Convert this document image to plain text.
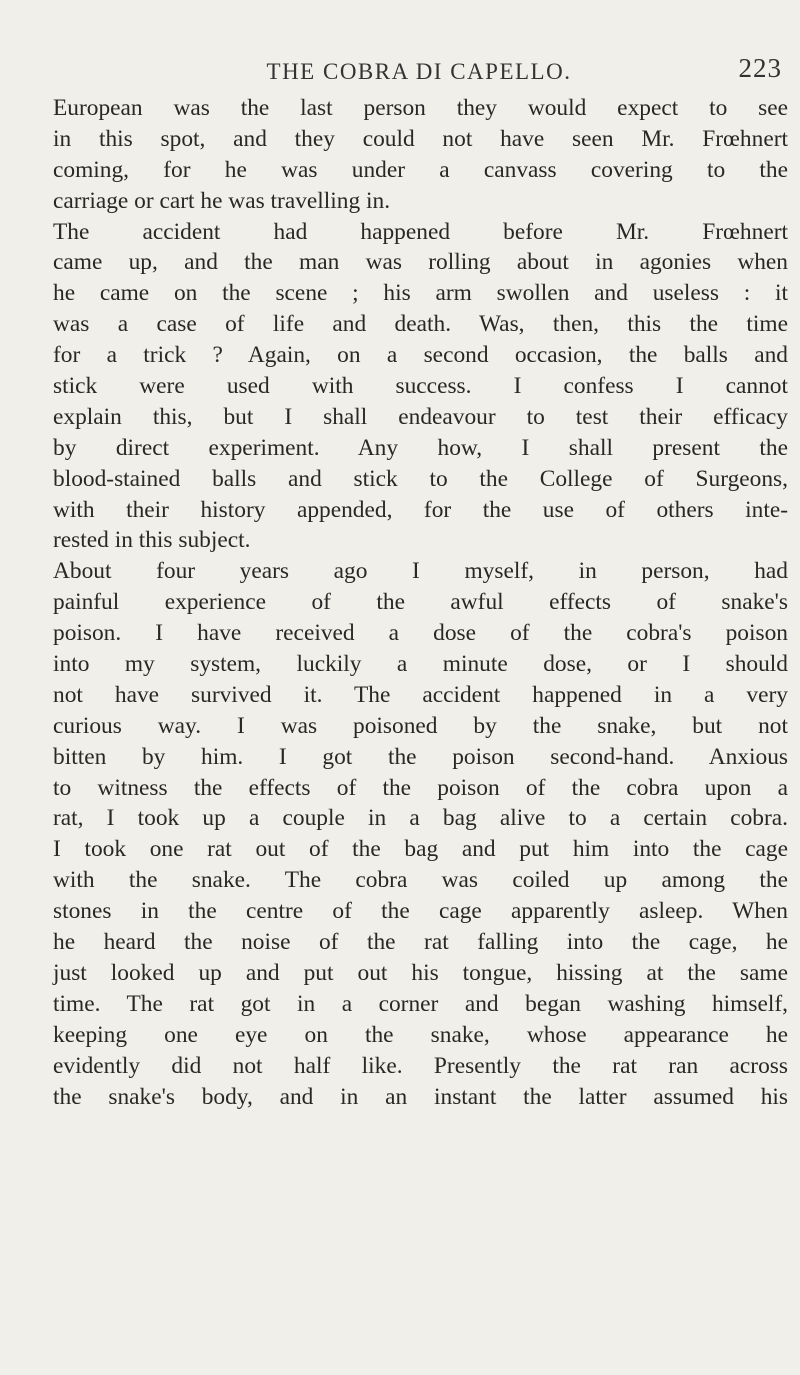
THE COBRA DI CAPELLO.	223
European was the last person they would expect to see
in this spot, and they could not have seen Mr. Frœhnert
coming, for he was under a canvass covering to the
carriage or cart he was travelling in.
The accident had happened before Mr. Frœhnert
came up, and the man was rolling about in agonies when
he came on the scene ; his arm swollen and useless : it
was a case of life and death. Was, then, this the time
for a trick ? Again, on a second occasion, the balls and
stick were used with success. I confess I cannot
explain this, but I shall endeavour to test their efficacy
by direct experiment. Any how, I shall present the
blood-stained balls and stick to the College of Surgeons,
with their history appended, for the use of others inte-
rested in this subject.
About four years ago I myself, in person, had
painful experience of the awful effects of snake's
poison. I have received a dose of the cobra's poison
into my system, luckily a minute dose, or I should
not have survived it. The accident happened in a very
curious way. I was poisoned by the snake, but not
bitten by him. I got the poison second-hand. Anxious
to witness the effects of the poison of the cobra upon a
rat, I took up a couple in a bag alive to a certain cobra.
I took one rat out of the bag and put him into the cage
with the snake. The cobra was coiled up among the
stones in the centre of the cage apparently asleep. When
he heard the noise of the rat falling into the cage, he
just looked up and put out his tongue, hissing at the same
time. The rat got in a corner and began washing himself,
keeping one eye on the snake, whose appearance he
evidently did not half like. Presently the rat ran across
the snake's body, and in an instant the latter assumed his
